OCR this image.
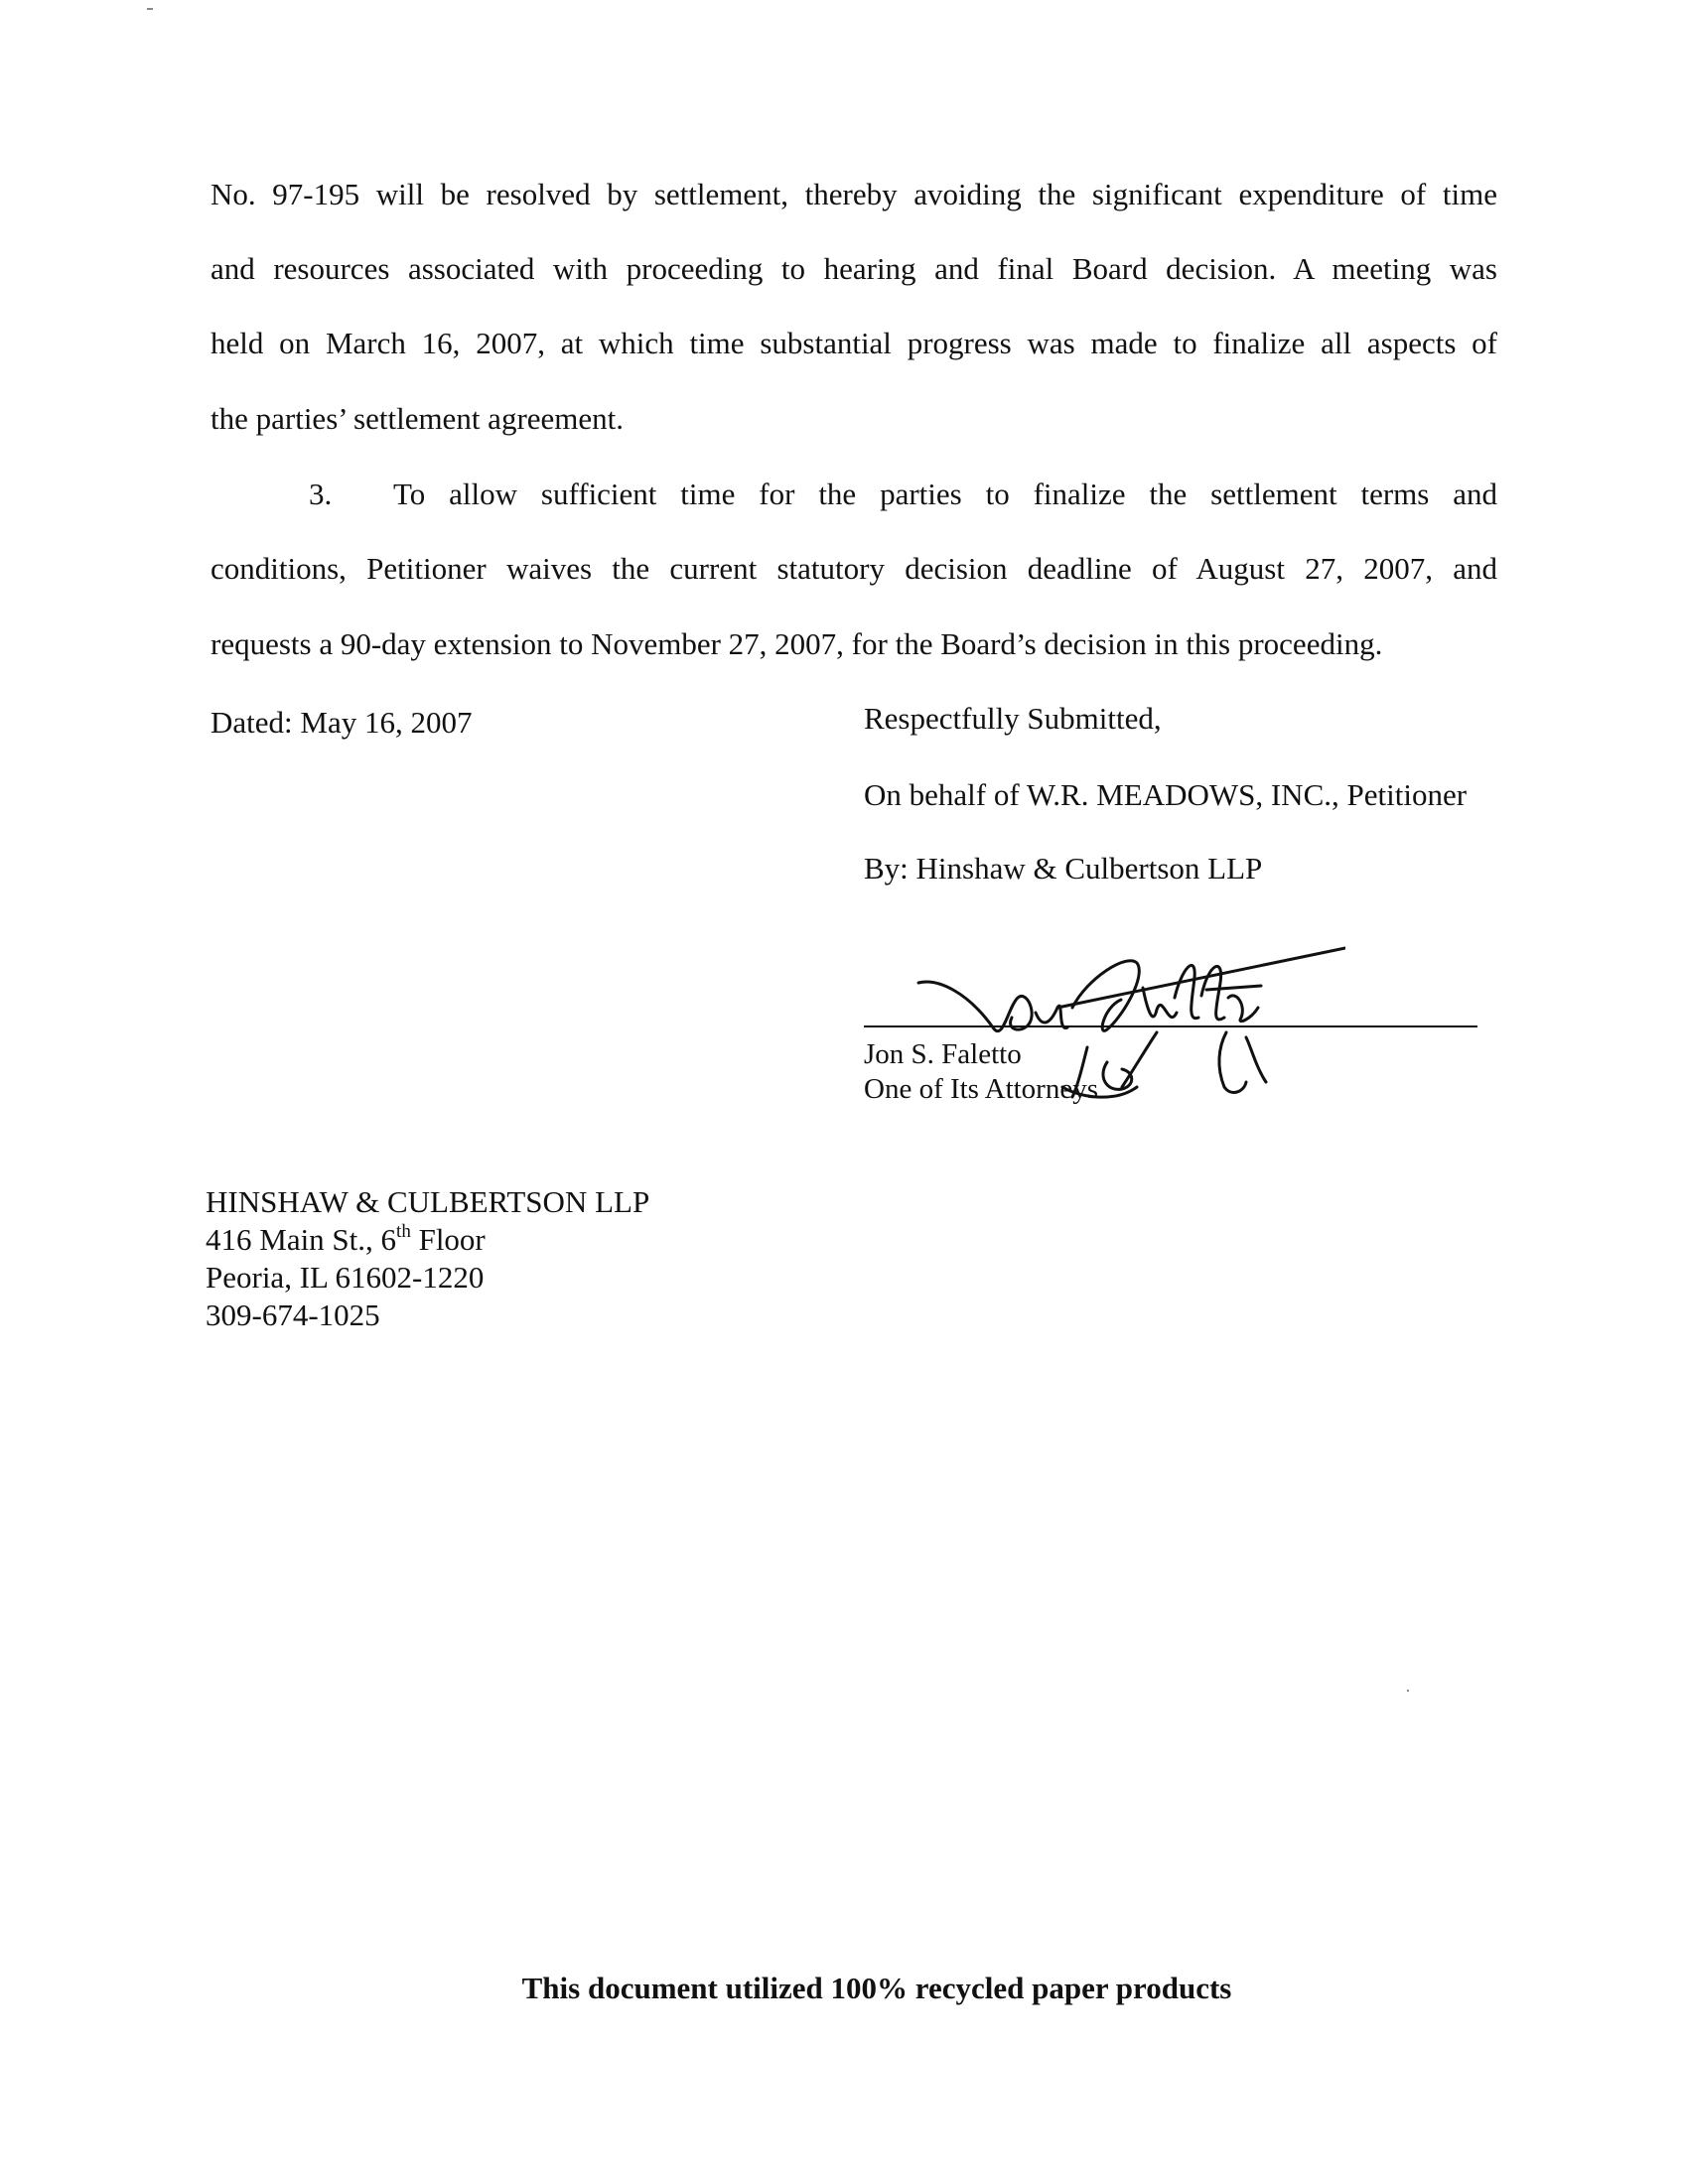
No. 97-195 will be resolved by settlement, thereby avoiding the significant expenditure of time
and resources associated with proceeding to hearing and final Board decision. A meeting was
held on March 16, 2007, at which time substantial progress was made to finalize all aspects of
the parties’ settlement agreement.
3.	To allow sufficient time for the parties to finalize the settlement terms and
conditions, Petitioner waives the current statutory decision deadline of August 27, 2007, and
requests a 90-day extension to November 27, 2007, for the Board’s decision in this proceeding.
Dated: May 16, 2007	Respectfully Submitted,
On behalf of W.R. MEADOWS, INC., Petitioner
By: Hinshaw & Culbertson LLP
Jon S. Faletto
One of Its Attorneys
HINSHAW & CULBERTSON LLP
416 Main St., 6th Floor
Peoria, IL 61602-1220
309-674-1025
This document utilized 100% recycled paper products
